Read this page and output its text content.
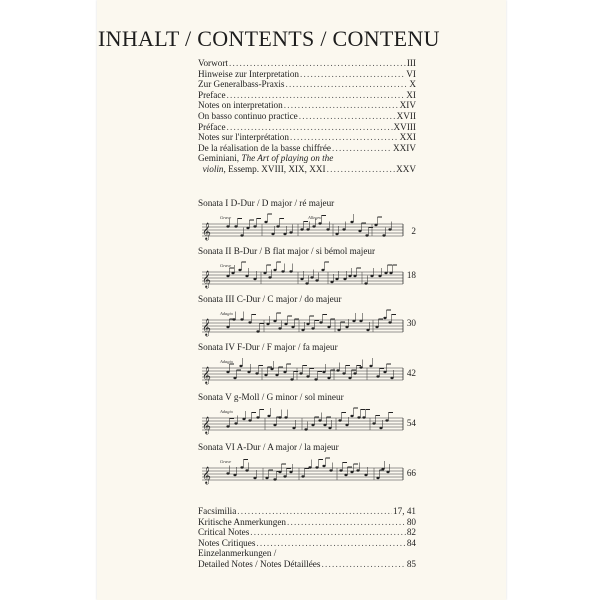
INHALT / CONTENTS / CONTENU
Vorwort .....	III
Hinweise zur Interpretation .....	VI
Zur Generalbass-Praxis .....	X
Preface .....	XI
Notes on interpretation .....	XIV
On basso continuo practice .....	XVII
Préface .....	XVIII
Notes sur l'interprétation .....	XXI
De la réalisation de la basse chiffrée .....	XXIV
Geminiani, The Art of playing on the
violin, Essemp. XVIII, XIX, XXI .....	XXV
Sonata I D-Dur / D major / ré majeur
𝄞
Grave	Allegro
2
Sonata II B-Dur / B flat major / si bémol majeur
𝄞
Grave
18
Sonata III C-Dur / C major / do majeur
𝄞
Adagio
30
Sonata IV F-Dur / F major / fa majeur
𝄞
Adagio
42
Sonata V g-Moll / G minor / sol mineur
𝄞
Adagio
54
Sonata VI A-Dur / A major / la majeur
𝄞
Grave
66
Facsimilia .....	17, 41
Kritische Anmerkungen .....	80
Critical Notes .....	82
Notes Critiques .....	84
Einzelanmerkungen /
Detailed Notes / Notes Détaillées .....	85
